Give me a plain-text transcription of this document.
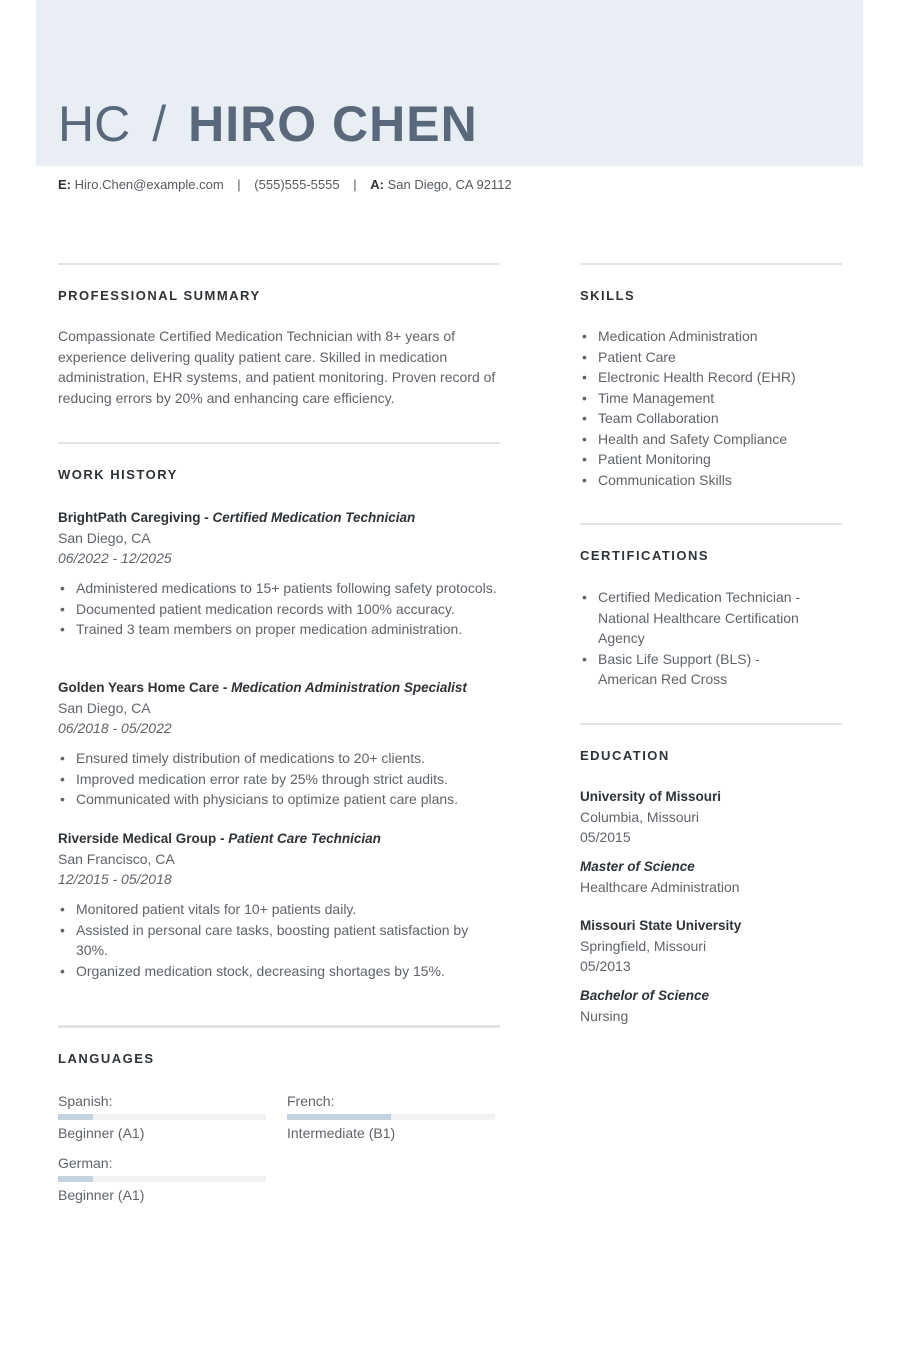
HC / HIRO CHEN
E: Hiro.Chen@example.com | (555)555-5555 | A: San Diego, CA 92112
PROFESSIONAL SUMMARY

Compassionate Certified Medication Technician with 8+ years of experience delivering quality patient care. Skilled in medication administration, EHR systems, and patient monitoring. Proven record of reducing errors by 20% and enhancing care efficiency.

WORK HISTORY
BrightPath Caregiving - Certified Medication Technician
San Diego, CA
06/2022 - 12/2025
• Administered medications to 15+ patients following safety protocols.
• Documented patient medication records with 100% accuracy.
• Trained 3 team members on proper medication administration.
Golden Years Home Care - Medication Administration Specialist
San Diego, CA
06/2018 - 05/2022
• Ensured timely distribution of medications to 20+ clients.
• Improved medication error rate by 25% through strict audits.
• Communicated with physicians to optimize patient care plans.
Riverside Medical Group - Patient Care Technician
San Francisco, CA
12/2015 - 05/2018
• Monitored patient vitals for 10+ patients daily.
• Assisted in personal care tasks, boosting patient satisfaction by 30%.
• Organized medication stock, decreasing shortages by 15%.
LANGUAGES
Spanish:
Beginner (A1)
French:
Intermediate (B1)
German:
Beginner (A1)
SKILLS
• Medication Administration
• Patient Care
• Electronic Health Record (EHR)
• Time Management
• Team Collaboration
• Health and Safety Compliance
• Patient Monitoring
• Communication Skills
CERTIFICATIONS
• Certified Medication Technician - National Healthcare Certification Agency
• Basic Life Support (BLS) - American Red Cross
EDUCATION
University of Missouri
Columbia, Missouri
05/2015
Master of Science
Healthcare Administration
Missouri State University
Springfield, Missouri
05/2013
Bachelor of Science
Nursing
